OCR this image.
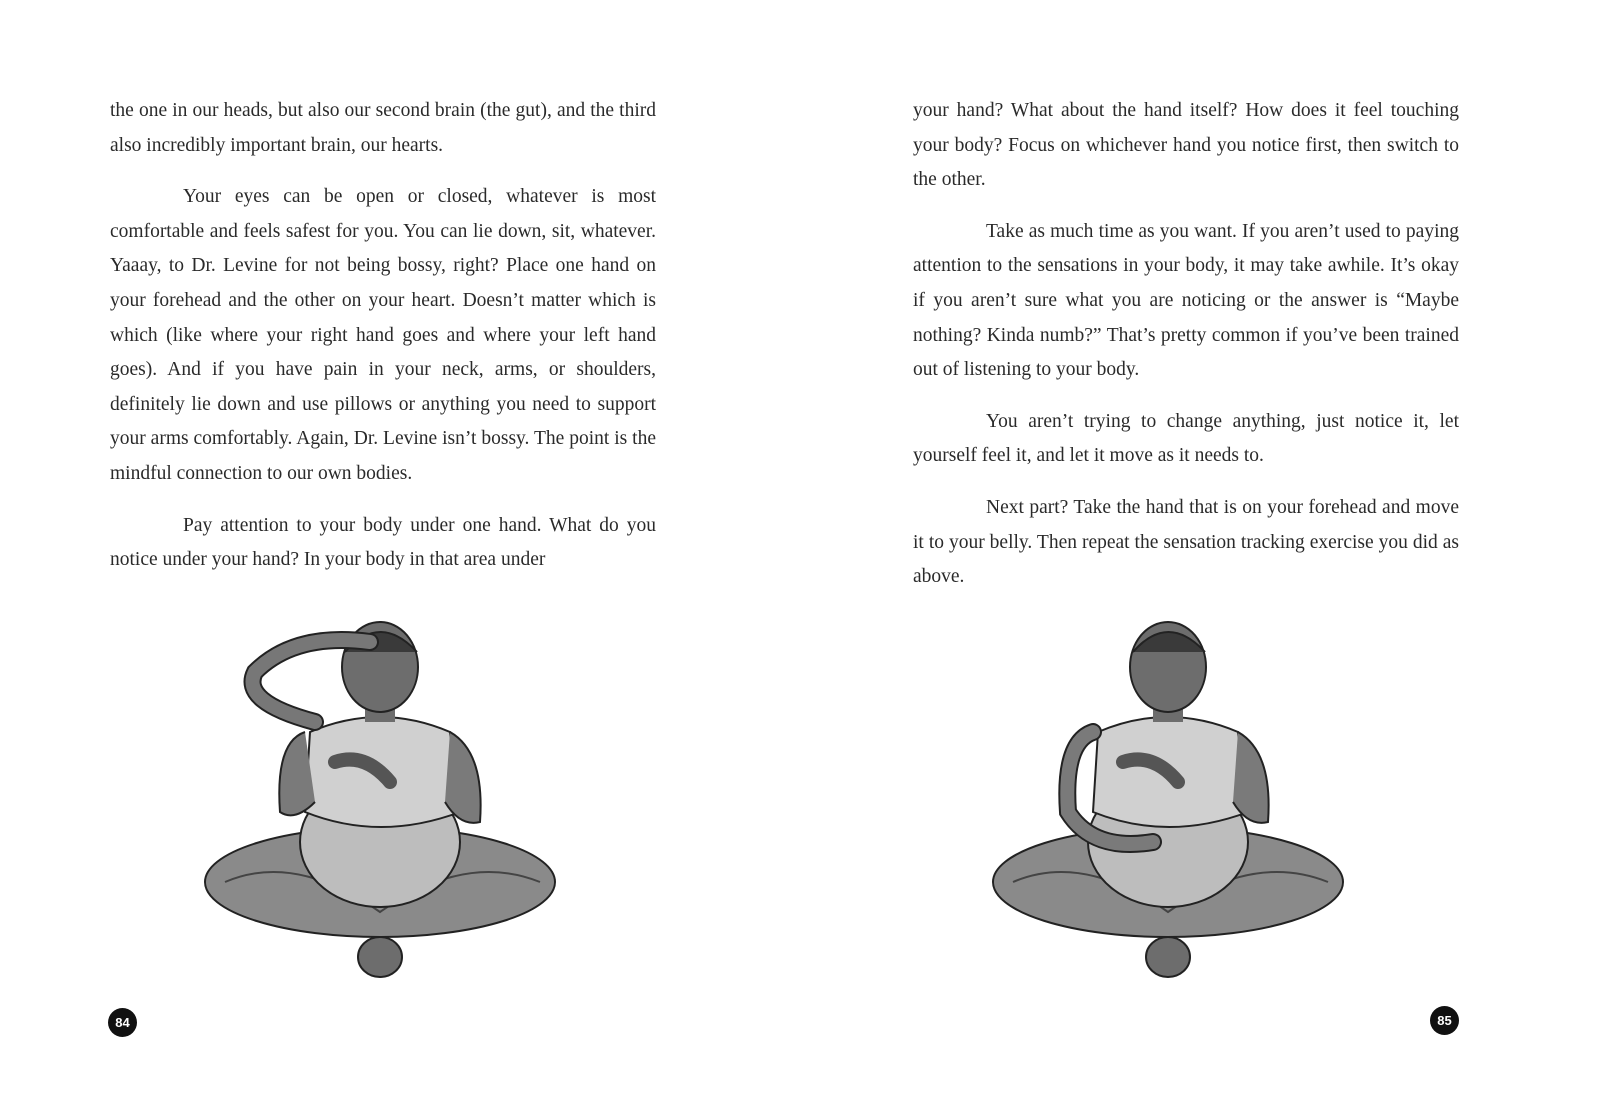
the one in our heads, but also our second brain (the gut), and the third also incredibly important brain, our hearts.

Your eyes can be open or closed, whatever is most comfortable and feels safest for you. You can lie down, sit, whatever. Yaaay, to Dr. Levine for not being bossy, right? Place one hand on your forehead and the other on your heart. Doesn’t matter which is which (like where your right hand goes and where your left hand goes). And if you have pain in your neck, arms, or shoulders, definitely lie down and use pillows or anything you need to support your arms comfortably. Again, Dr. Levine isn’t bossy. The point is the mindful connection to our own bodies.

Pay attention to your body under one hand. What do you notice under your hand? In your body in that area under

84

your hand? What about the hand itself? How does it feel touching your body? Focus on whichever hand you notice first, then switch to the other.

Take as much time as you want. If you aren’t used to paying attention to the sensations in your body, it may take awhile. It’s okay if you aren’t sure what you are noticing or the answer is “Maybe nothing? Kinda numb?” That’s pretty common if you’ve been trained out of listening to your body.

You aren’t trying to change anything, just notice it, let yourself feel it, and let it move as it needs to.

Next part? Take the hand that is on your forehead and move it to your belly. Then repeat the sensation tracking exercise you did as above.

85
